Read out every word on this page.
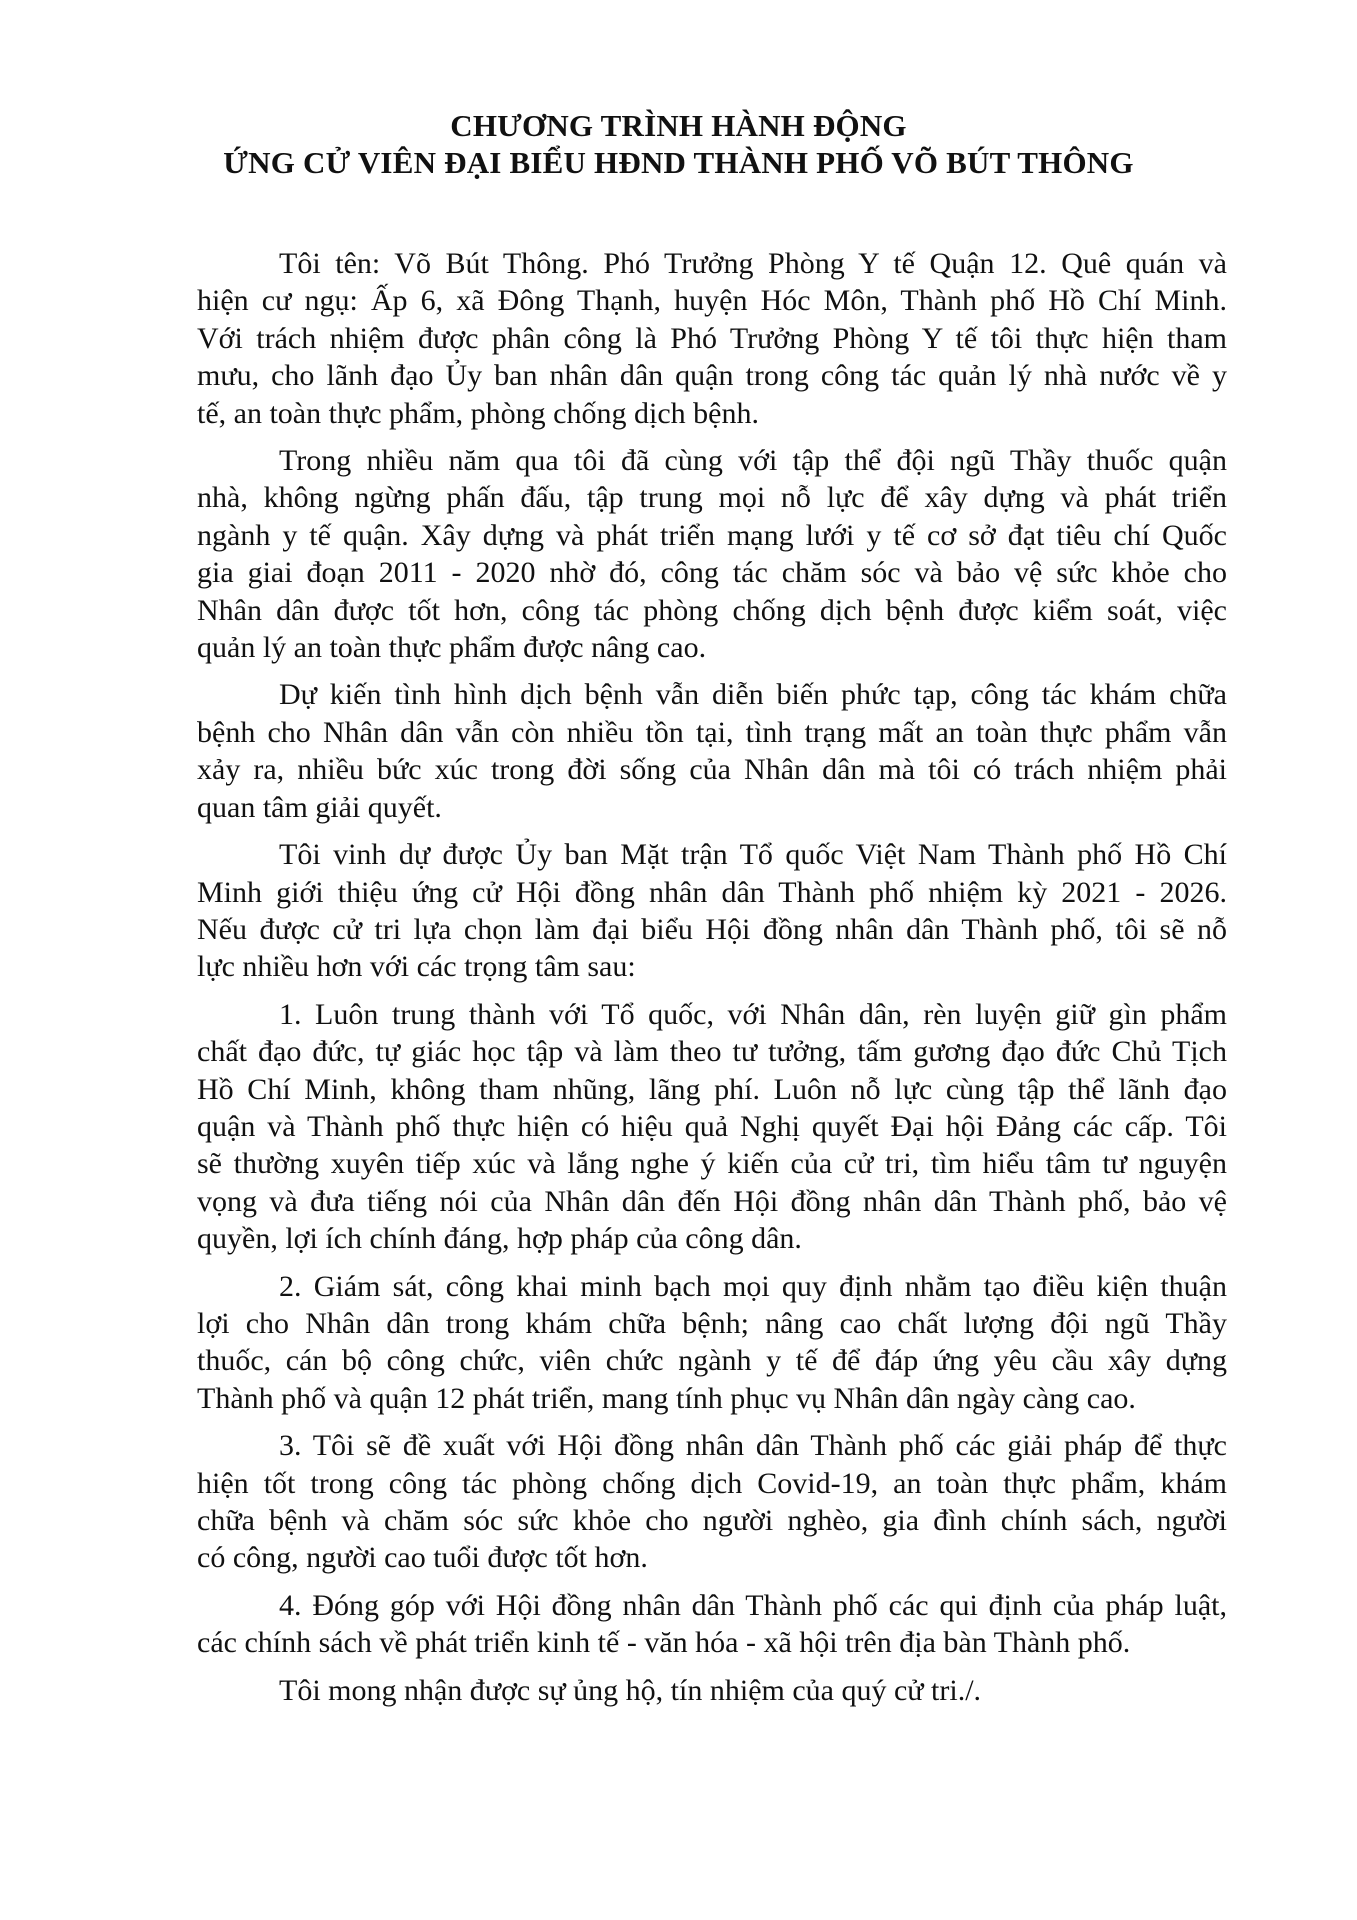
CHƯƠNG TRÌNH HÀNH ĐỘNG

ỨNG CỬ VIÊN ĐẠI BIỂU HĐND THÀNH PHỐ VÕ BÚT THÔNG

Tôi tên: Võ Bút Thông. Phó Trưởng Phòng Y tế Quận 12. Quê quán và
hiện cư ngụ: Ấp 6, xã Đông Thạnh, huyện Hóc Môn, Thành phố Hồ Chí Minh.
Với trách nhiệm được phân công là Phó Trưởng Phòng Y tế tôi thực hiện tham
mưu, cho lãnh đạo Ủy ban nhân dân quận trong công tác quản lý nhà nước về y
tế, an toàn thực phẩm, phòng chống dịch bệnh.
Trong nhiều năm qua tôi đã cùng với tập thể đội ngũ Thầy thuốc quận
nhà, không ngừng phấn đấu, tập trung mọi nỗ lực để xây dựng và phát triển
ngành y tế quận. Xây dựng và phát triển mạng lưới y tế cơ sở đạt tiêu chí Quốc
gia giai đoạn 2011 - 2020 nhờ đó, công tác chăm sóc và bảo vệ sức khỏe cho
Nhân dân được tốt hơn, công tác phòng chống dịch bệnh được kiểm soát, việc
quản lý an toàn thực phẩm được nâng cao.
Dự kiến tình hình dịch bệnh vẫn diễn biến phức tạp, công tác khám chữa
bệnh cho Nhân dân vẫn còn nhiều tồn tại, tình trạng mất an toàn thực phẩm vẫn
xảy ra, nhiều bức xúc trong đời sống của Nhân dân mà tôi có trách nhiệm phải
quan tâm giải quyết.
Tôi vinh dự được Ủy ban Mặt trận Tổ quốc Việt Nam Thành phố Hồ Chí
Minh giới thiệu ứng cử Hội đồng nhân dân Thành phố nhiệm kỳ 2021 - 2026.
Nếu được cử tri lựa chọn làm đại biểu Hội đồng nhân dân Thành phố, tôi sẽ nỗ
lực nhiều hơn với các trọng tâm sau:
1. Luôn trung thành với Tổ quốc, với Nhân dân, rèn luyện giữ gìn phẩm
chất đạo đức, tự giác học tập và làm theo tư tưởng, tấm gương đạo đức Chủ Tịch
Hồ Chí Minh, không tham nhũng, lãng phí. Luôn nỗ lực cùng tập thể lãnh đạo
quận và Thành phố thực hiện có hiệu quả Nghị quyết Đại hội Đảng các cấp. Tôi
sẽ thường xuyên tiếp xúc và lắng nghe ý kiến của cử tri, tìm hiểu tâm tư nguyện
vọng và đưa tiếng nói của Nhân dân đến Hội đồng nhân dân Thành phố, bảo vệ
quyền, lợi ích chính đáng, hợp pháp của công dân.
2. Giám sát, công khai minh bạch mọi quy định nhằm tạo điều kiện thuận
lợi cho Nhân dân trong khám chữa bệnh; nâng cao chất lượng đội ngũ Thầy
thuốc, cán bộ công chức, viên chức ngành y tế để đáp ứng yêu cầu xây dựng
Thành phố và quận 12 phát triển, mang tính phục vụ Nhân dân ngày càng cao.
3. Tôi sẽ đề xuất với Hội đồng nhân dân Thành phố các giải pháp để thực
hiện tốt trong công tác phòng chống dịch Covid-19, an toàn thực phẩm, khám
chữa bệnh và chăm sóc sức khỏe cho người nghèo, gia đình chính sách, người
có công, người cao tuổi được tốt hơn.
4. Đóng góp với Hội đồng nhân dân Thành phố các qui định của pháp luật,
các chính sách về phát triển kinh tế - văn hóa - xã hội trên địa bàn Thành phố.
Tôi mong nhận được sự ủng hộ, tín nhiệm của quý cử tri./.
